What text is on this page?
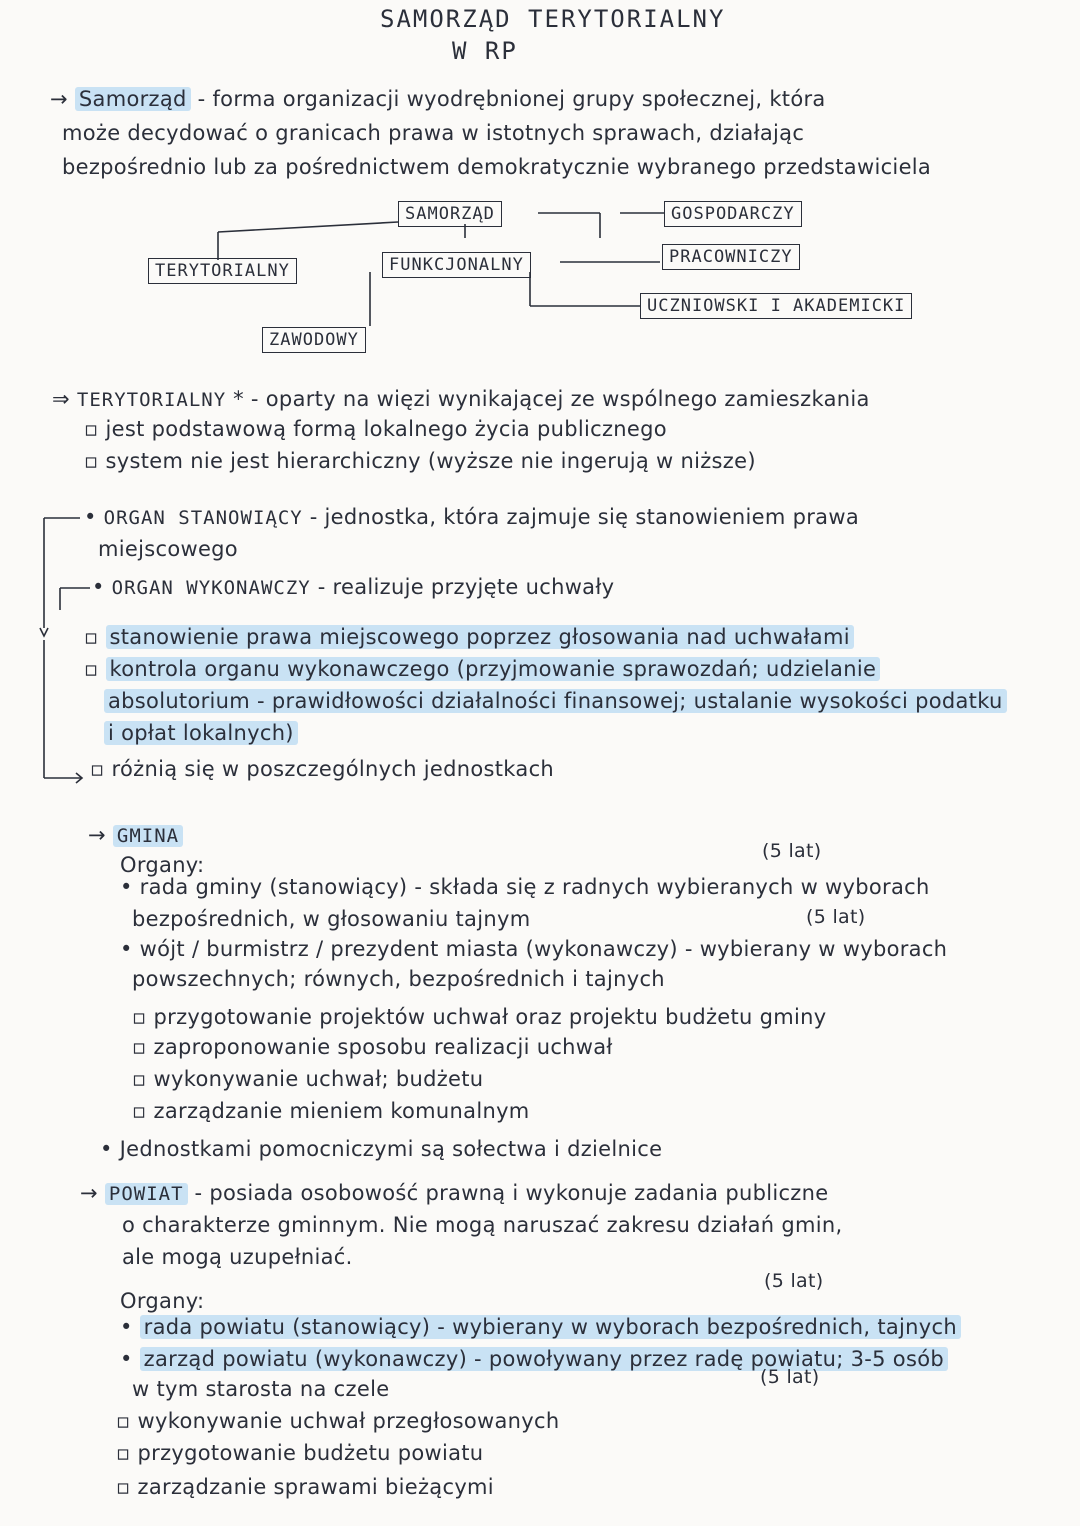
SAMORZĄD TERYTORIALNY
W RP
→ Samorząd - forma organizacji wyodrębnionej grupy społecznej, która
może decydować o granicach prawa w istotnych sprawach, działając
bezpośrednio lub za pośrednictwem demokratycznie wybranego przedstawiciela
SAMORZĄD	GOSPODARCZY
TERYTORIALNY	FUNKCJONALNY	PRACOWNICZY
UCZNIOWSKI I AKADEMICKI
ZAWODOWY
⇒ TERYTORIALNY * - oparty na więzi wynikającej ze wspólnego zamieszkania
▫ jest podstawową formą lokalnego życia publicznego
▫ system nie jest hierarchiczny (wyższe nie ingerują w niższe)
• ORGAN STANOWIĄCY - jednostka, która zajmuje się stanowieniem prawa
miejscowego
• ORGAN WYKONAWCZY - realizuje przyjęte uchwały
▫ stanowienie prawa miejscowego poprzez głosowania nad uchwałami
▫ kontrola organu wykonawczego (przyjmowanie sprawozdań; udzielanie
absolutorium - prawidłowości działalności finansowej; ustalanie wysokości podatku
i opłat lokalnych)
▫ różnią się w poszczególnych jednostkach
→ GMINA
(5 lat)
Organy:
• rada gminy (stanowiący) - składa się z radnych wybieranych w wyborach
bezpośrednich, w głosowaniu tajnym	(5 lat)
• wójt / burmistrz / prezydent miasta (wykonawczy) - wybierany w wyborach
powszechnych; równych, bezpośrednich i tajnych
▫ przygotowanie projektów uchwał oraz projektu budżetu gminy
▫ zaproponowanie sposobu realizacji uchwał
▫ wykonywanie uchwał; budżetu
▫ zarządzanie mieniem komunalnym
• Jednostkami pomocniczymi są sołectwa i dzielnice
→ POWIAT - posiada osobowość prawną i wykonuje zadania publiczne
o charakterze gminnym. Nie mogą naruszać zakresu działań gmin,
ale mogą uzupełniać.
(5 lat)
Organy:
• rada powiatu (stanowiący) - wybierany w wyborach bezpośrednich, tajnych
• zarząd powiatu (wykonawczy) - powoływany przez radę powiatu; 3-5 osób
w tym starosta na czele	(5 lat)
▫ wykonywanie uchwał przegłosowanych
▫ przygotowanie budżetu powiatu
▫ zarządzanie sprawami bieżącymi
